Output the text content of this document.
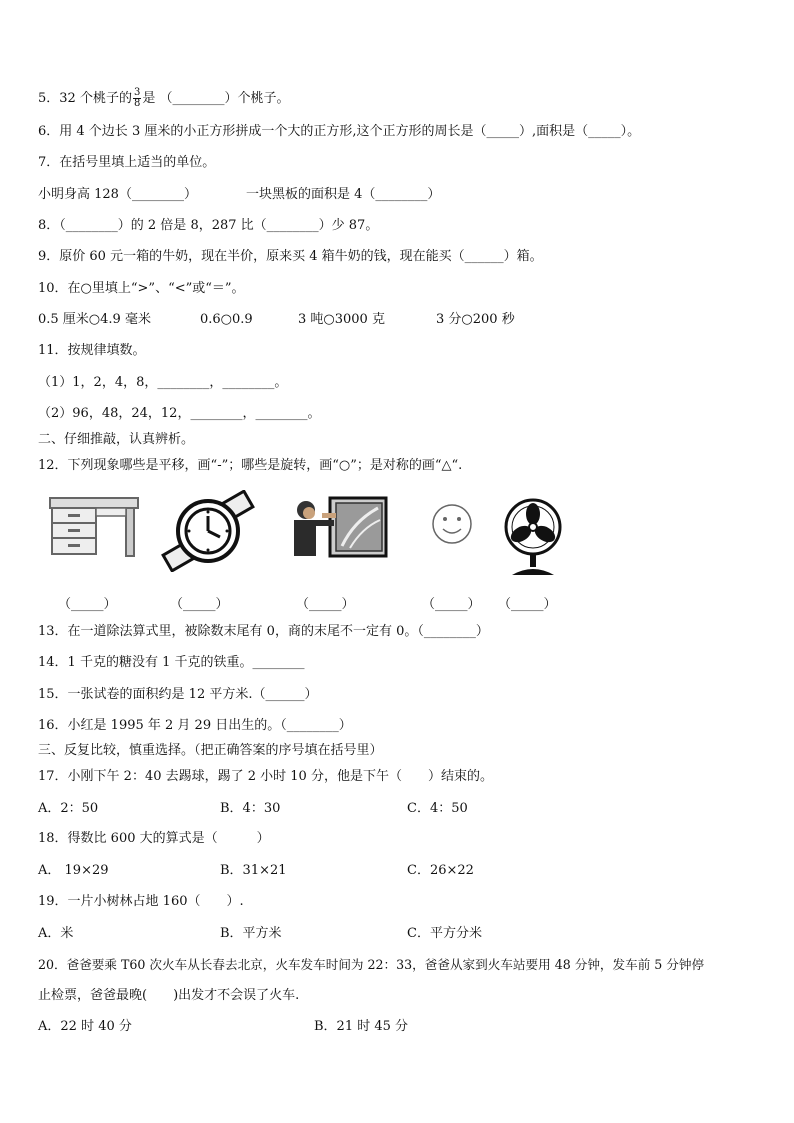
5．32 个桃子的 $\frac{3}{8}$ 是 （________）个桃子。
6．用 4 个边长 3 厘米的小正方形拼成一个大的正方形,这个正方形的周长是（_____）,面积是（_____）。
7．在括号里填上适当的单位。
小明身高 128（________）	一块黑板的面积是 4（________）
8．（________）的 2 倍是 8，287 比（________）少 87。
9．原价 60 元一箱的牛奶，现在半价，原来买 4 箱牛奶的钱，现在能买（______）箱。
10．在○里填上“>”、“<”或“＝”。
0.5 厘米○4.9 毫米	0.6○0.9	3 吨○3000 克	3 分○200 秒
11．按规律填数。
（1）1，2，4，8，________，________。
（2）96，48，24，12，________，________。
二、仔细推敲，认真辨析。
12．下列现象哪些是平移，画“-”；哪些是旋转，画“○”；是对称的画“△“.
（_____）	（_____）	（_____）	（_____） （_____）
13．在一道除法算式里，被除数末尾有 0，商的末尾不一定有 0。（________）
14．1 千克的糖没有 1 千克的铁重。________
15．一张试卷的面积约是 12 平方米.（______）
16．小红是 1995 年 2 月 29 日出生的。（________）
三、反复比较，慎重选择。（把正确答案的序号填在括号里）
17．小刚下午 2：40 去踢球，踢了 2 小时 10 分，他是下午（　　）结束的。
A．2：50	B．4：30	C．4：50
18．得数比 600 大的算式是（　　　）
A． 19×29	B．31×21	C．26×22
19．一片小树林占地 160（　　）.
A．米	B．平方米	C．平方分米
20．爸爸要乘 T60 次火车从长春去北京，火车发车时间为 22：33，爸爸从家到火车站要用 48 分钟，发车前 5 分钟停
止检票，爸爸最晚(　　)出发才不会误了火车.
A．22 时 40 分	B．21 时 45 分
